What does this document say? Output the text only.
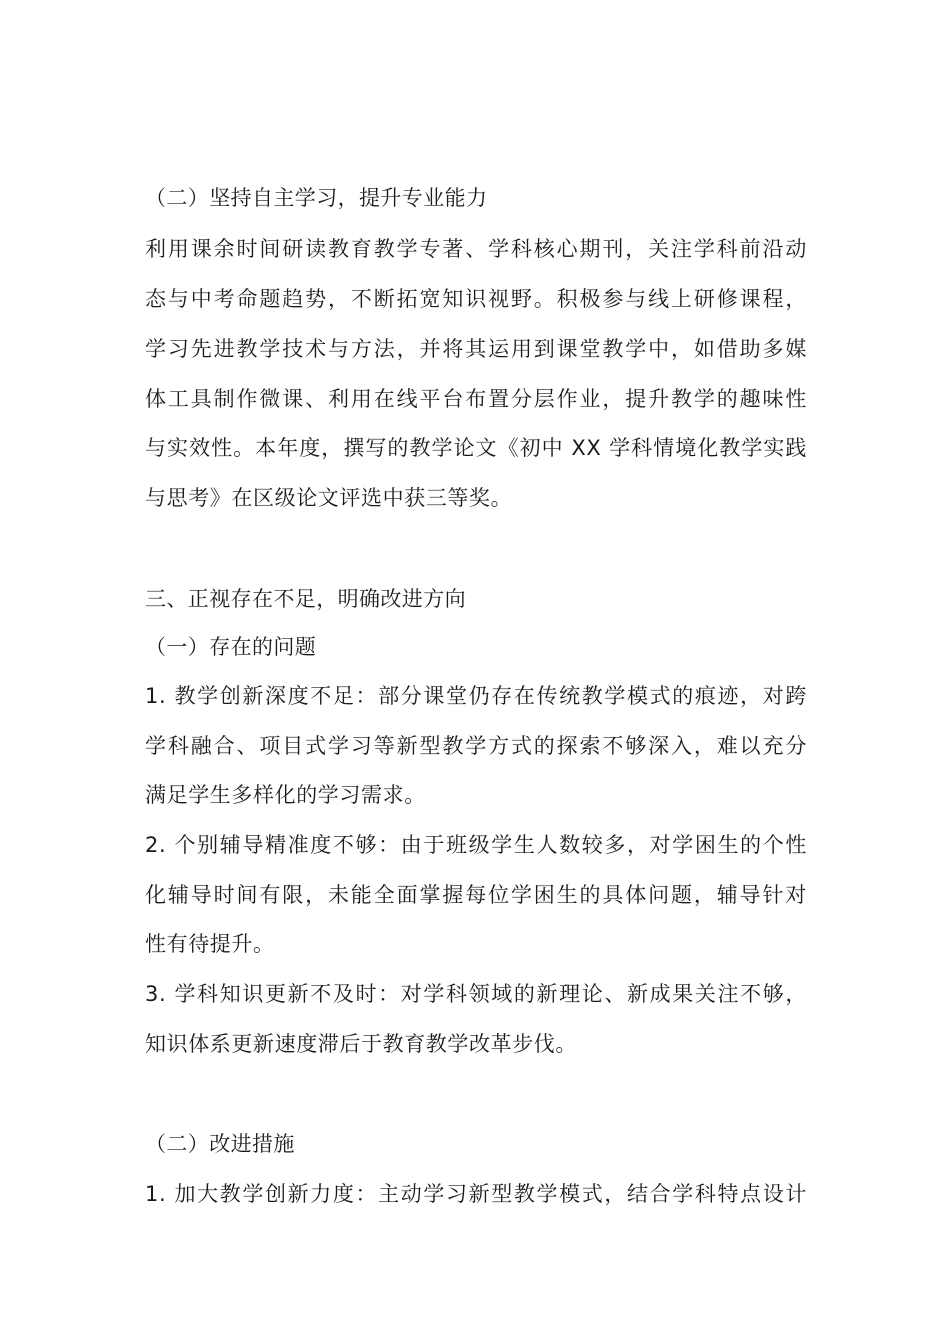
（二）坚持自主学习，提升专业能力
利用课余时间研读教育教学专著、学科核心期刊，关注学科前沿动
态与中考命题趋势，不断拓宽知识视野。积极参与线上研修课程，
学习先进教学技术与方法，并将其运用到课堂教学中，如借助多媒
体工具制作微课、利用在线平台布置分层作业，提升教学的趣味性
与实效性。本年度，撰写的教学论文《初中 XX 学科情境化教学实践
与思考》在区级论文评选中获三等奖。
三、正视存在不足，明确改进方向
（一）存在的问题
1. 教学创新深度不足：部分课堂仍存在传统教学模式的痕迹，对跨
学科融合、项目式学习等新型教学方式的探索不够深入，难以充分
满足学生多样化的学习需求。
2. 个别辅导精准度不够：由于班级学生人数较多，对学困生的个性
化辅导时间有限，未能全面掌握每位学困生的具体问题，辅导针对
性有待提升。
3. 学科知识更新不及时：对学科领域的新理论、新成果关注不够，
知识体系更新速度滞后于教育教学改革步伐。
（二）改进措施
1. 加大教学创新力度：主动学习新型教学模式，结合学科特点设计
